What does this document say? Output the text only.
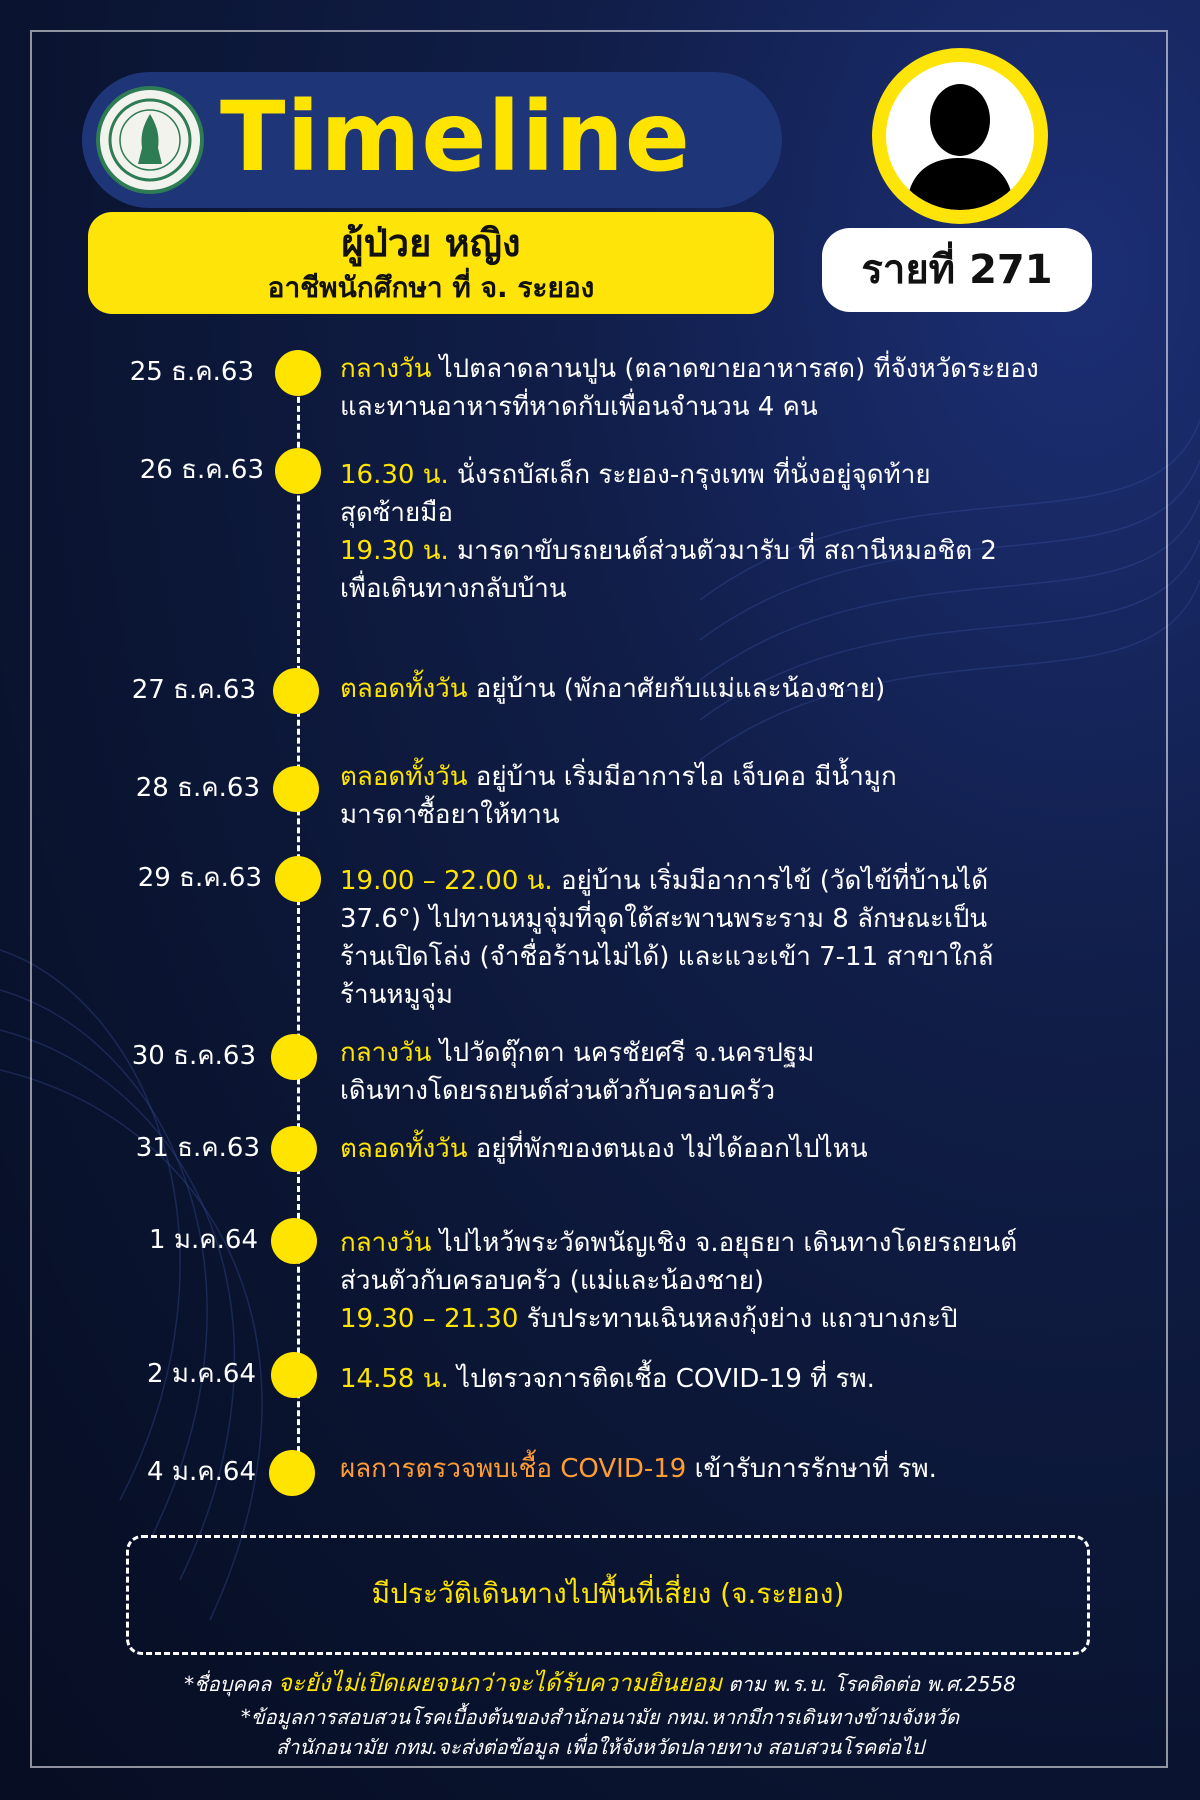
Timeline
ผู้ป่วย หญิง
อาชีพนักศึกษา ที่ จ. ระยอง	รายที่ 271
25 ธ.ค.63	กลางวัน ไปตลาดลานปูน (ตลาดขายอาหารสด) ที่จังหวัดระยอง
และทานอาหารที่หาดกับเพื่อนจำนวน 4 คน
26 ธ.ค.63	16.30 น. นั่งรถบัสเล็ก ระยอง-กรุงเทพ ที่นั่งอยู่จุดท้าย
สุดซ้ายมือ
19.30 น. มารดาขับรถยนต์ส่วนตัวมารับ ที่ สถานีหมอชิต 2
เพื่อเดินทางกลับบ้าน
27 ธ.ค.63	ตลอดทั้งวัน อยู่บ้าน (พักอาศัยกับแม่และน้องชาย)
28 ธ.ค.63	ตลอดทั้งวัน อยู่บ้าน เริ่มมีอาการไอ เจ็บคอ มีน้ำมูก
มารดาซื้อยาให้ทาน
29 ธ.ค.63	19.00 – 22.00 น. อยู่บ้าน เริ่มมีอาการไข้ (วัดไข้ที่บ้านได้
37.6°) ไปทานหมูจุ่มที่จุดใต้สะพานพระราม 8 ลักษณะเป็น
ร้านเปิดโล่ง (จำชื่อร้านไม่ได้) และแวะเข้า 7-11 สาขาใกล้
ร้านหมูจุ่ม
30 ธ.ค.63	กลางวัน ไปวัดตุ๊กตา นครชัยศรี จ.นครปฐม
เดินทางโดยรถยนต์ส่วนตัวกับครอบครัว
31 ธ.ค.63	ตลอดทั้งวัน อยู่ที่พักของตนเอง ไม่ได้ออกไปไหน
1 ม.ค.64	กลางวัน ไปไหว้พระวัดพนัญเชิง จ.อยุธยา เดินทางโดยรถยนต์
ส่วนตัวกับครอบครัว (แม่และน้องชาย)
19.30 – 21.30 รับประทานเฉินหลงกุ้งย่าง แถวบางกะปิ
2 ม.ค.64	14.58 น. ไปตรวจการติดเชื้อ COVID-19 ที่ รพ.
4 ม.ค.64	ผลการตรวจพบเชื้อ COVID-19 เข้ารับการรักษาที่ รพ.
มีประวัติเดินทางไปพื้นที่เสี่ยง (จ.ระยอง)
*ชื่อบุคคล จะยังไม่เปิดเผยจนกว่าจะได้รับความยินยอม ตาม พ.ร.บ. โรคติดต่อ พ.ศ.2558
*ข้อมูลการสอบสวนโรคเบื้องต้นของสำนักอนามัย กทม.หากมีการเดินทางข้ามจังหวัด
สำนักอนามัย กทม.จะส่งต่อข้อมูล เพื่อให้จังหวัดปลายทาง สอบสวนโรคต่อไป
